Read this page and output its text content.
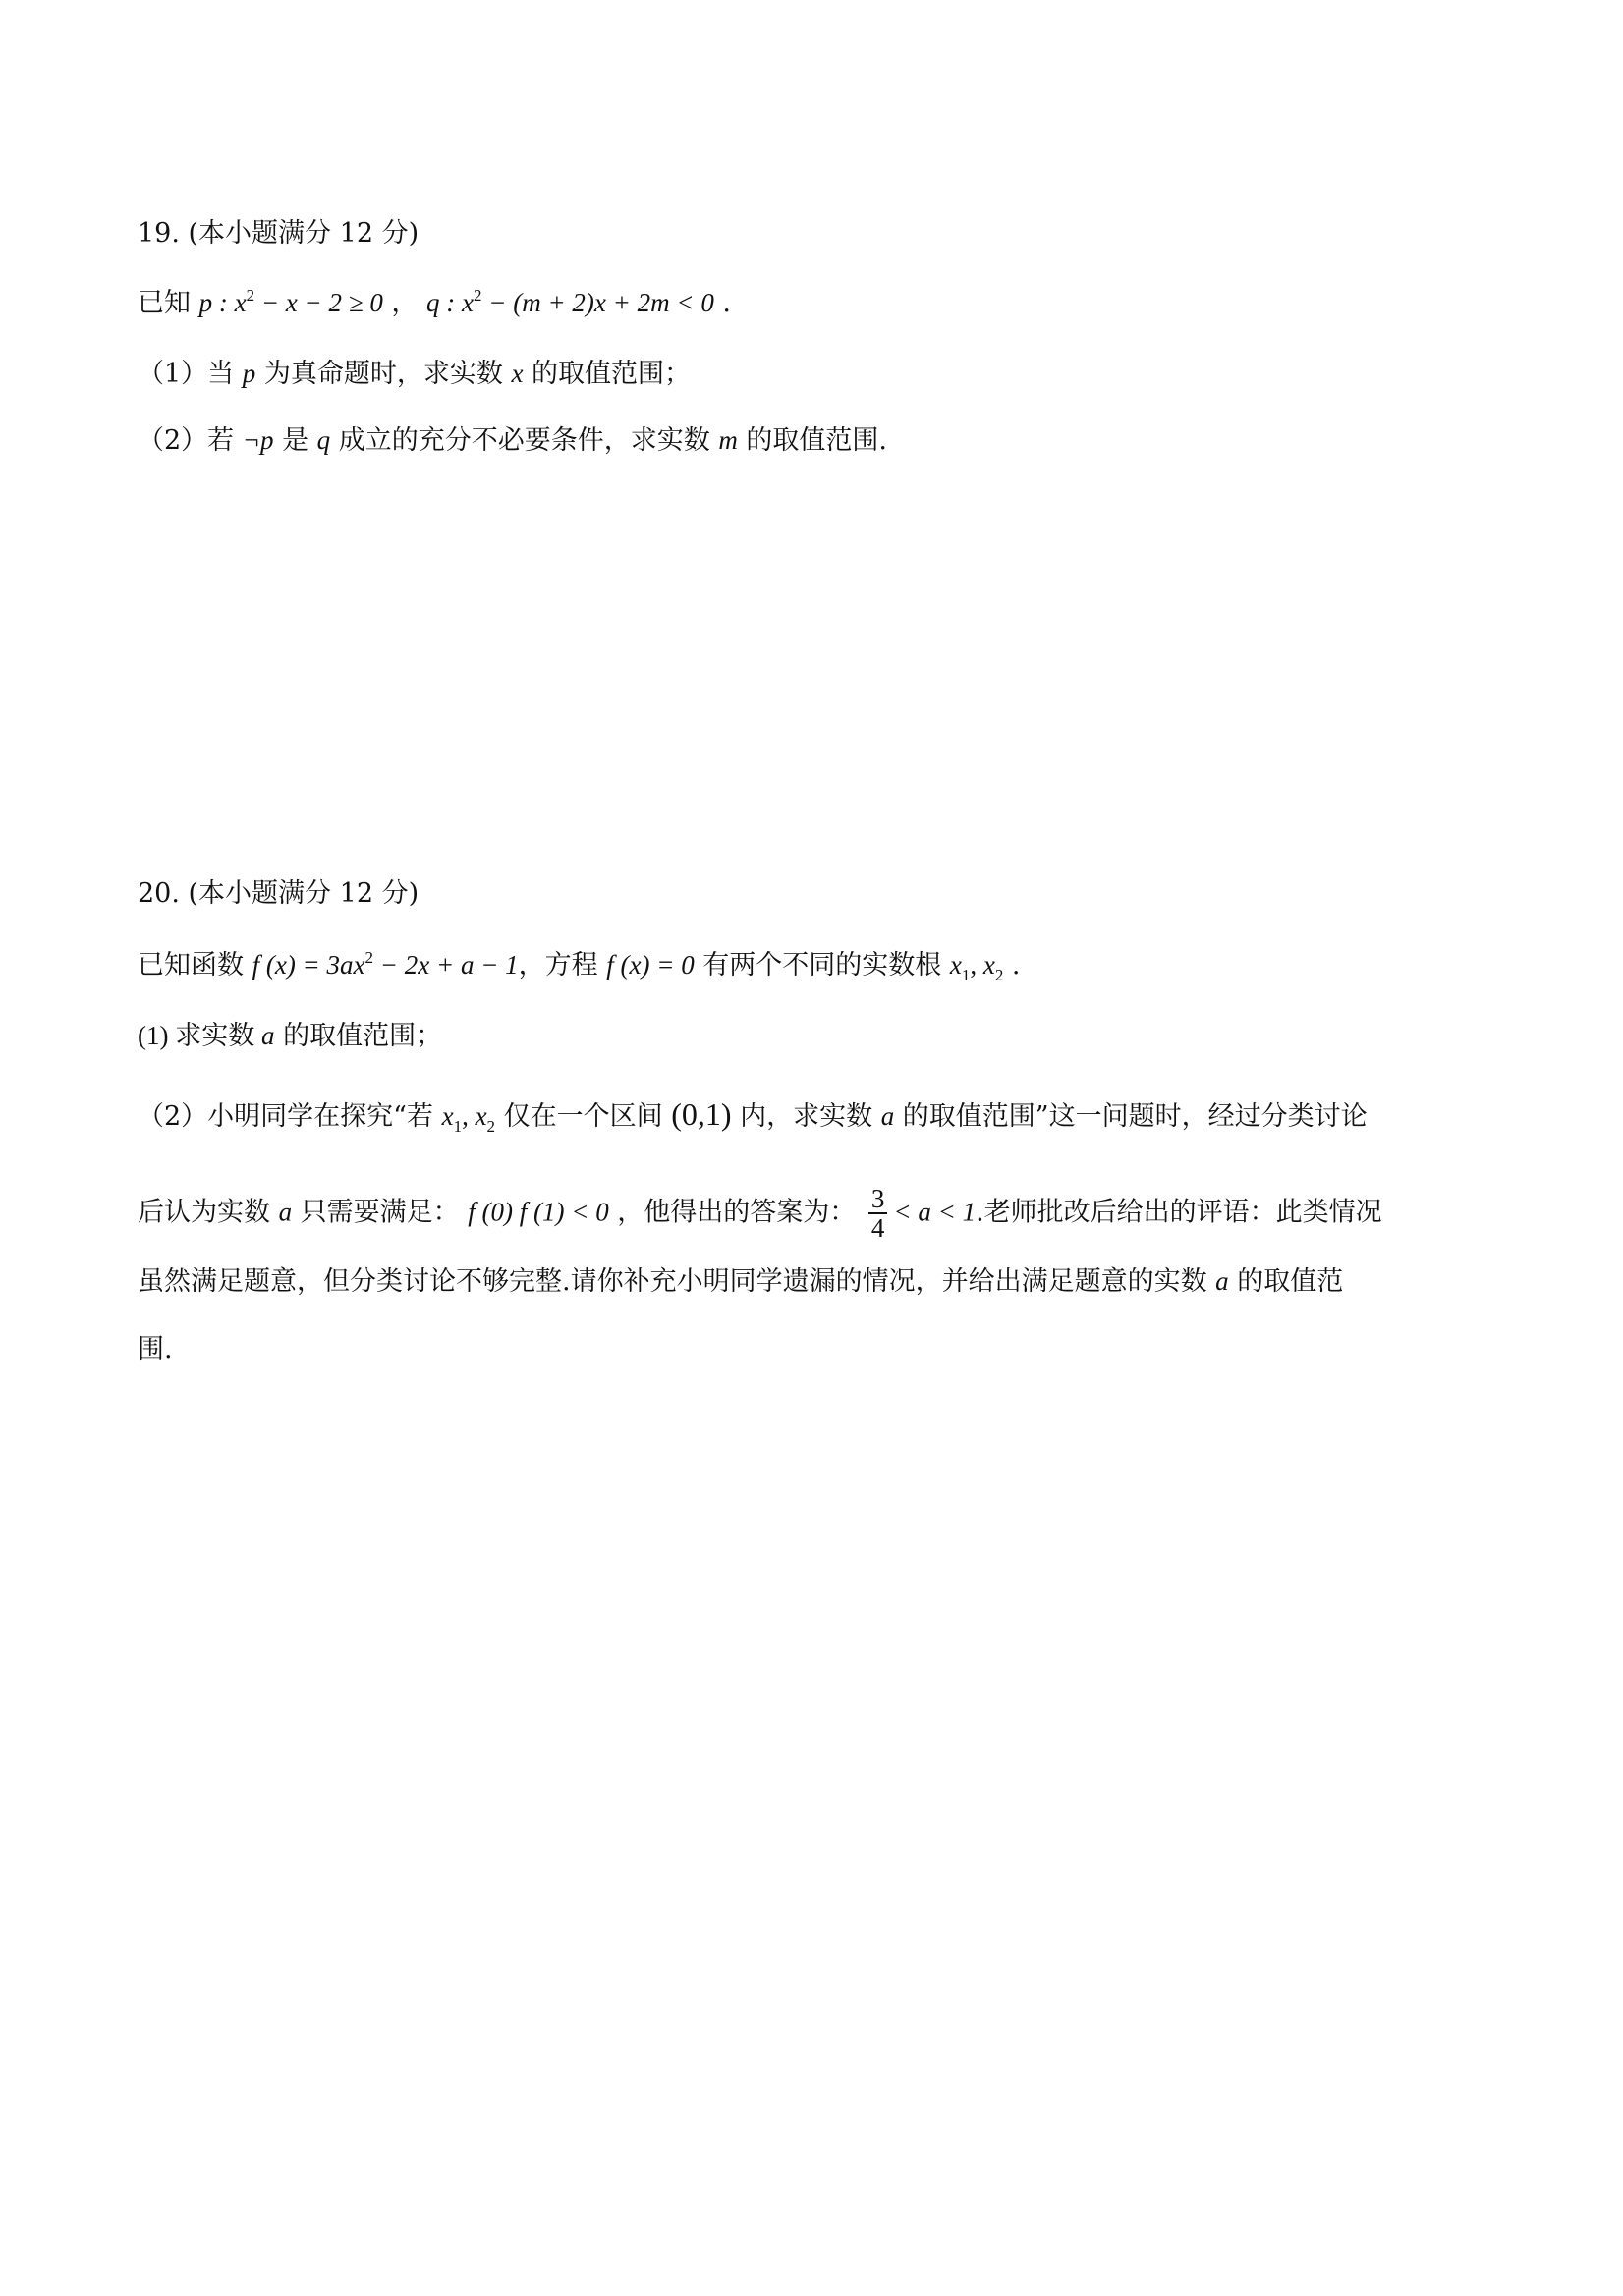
19. (本小题满分 12 分)
已知 p : $x^2 - x - 2 \ge 0$ ， q : $x^2 - (m + 2)x + 2m < 0$ .
（1）当 p 为真命题时，求实数 x 的取值范围；
（2）若 ¬p 是 q 成立的充分不必要条件，求实数 m 的取值范围.
20. (本小题满分 12 分)
已知函数 f $(x) = 3ax^2 - 2x + a - 1$，方程 f (x) = 0 有两个不同的实数根 $x_1$, $x_2$ .
(1) 求实数 a 的取值范围；
（2）小明同学在探究“若 $x_1$, $x_2$ 仅在一个区间 (0,1) 内，求实数 a 的取值范围”这一问题时，经过分类讨论
后认为实数 a 只需要满足： f (0) f (1) < 0 ，他得出的答案为： $\frac{3}{4} < a < 1$.老师批改后给出的评语：此类情况
虽然满足题意，但分类讨论不够完整.请你补充小明同学遗漏的情况，并给出满足题意的实数 a 的取值范
围.
